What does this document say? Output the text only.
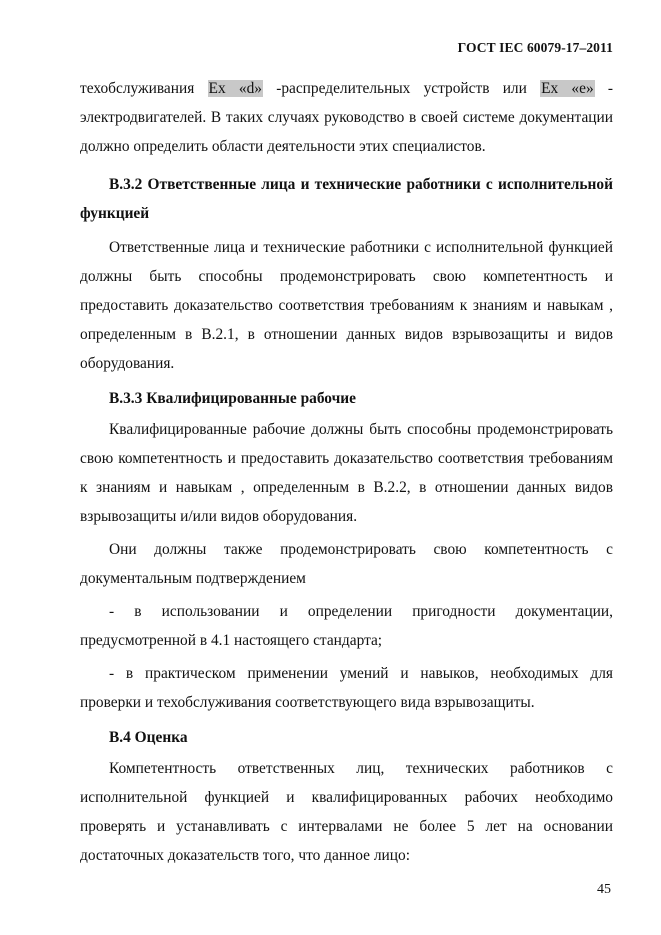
ГОСТ IEC 60079-17–2011

техобслуживания Ex «d» -распределительных устройств или Ex «e» - электродвигателей. В таких случаях руководство в своей системе документации должно определить области деятельности этих специалистов.

В.3.2 Ответственные лица и технические работники с исполнительной функцией

Ответственные лица и технические работники с исполнительной функцией должны быть способны продемонстрировать свою компетентность и предоставить доказательство соответствия требованиям к знаниям и навыкам , определенным в В.2.1, в отношении данных видов взрывозащиты и видов оборудования.

В.3.3 Квалифицированные рабочие

Квалифицированные рабочие должны быть способны продемонстрировать свою компетентность и предоставить доказательство соответствия требованиям к знаниям и навыкам , определенным в В.2.2, в отношении данных видов взрывозащиты и/или видов оборудования.

Они должны также продемонстрировать свою компетентность с документальным подтверждением

- в использовании и определении пригодности документации, предусмотренной в 4.1 настоящего стандарта;

- в практическом применении умений и навыков, необходимых для проверки и техобслуживания соответствующего вида взрывозащиты.

В.4 Оценка

Компетентность ответственных лиц, технических работников с исполнительной функцией и квалифицированных рабочих необходимо проверять и устанавливать с интервалами не более 5 лет на основании достаточных доказательств того, что данное лицо:

45
